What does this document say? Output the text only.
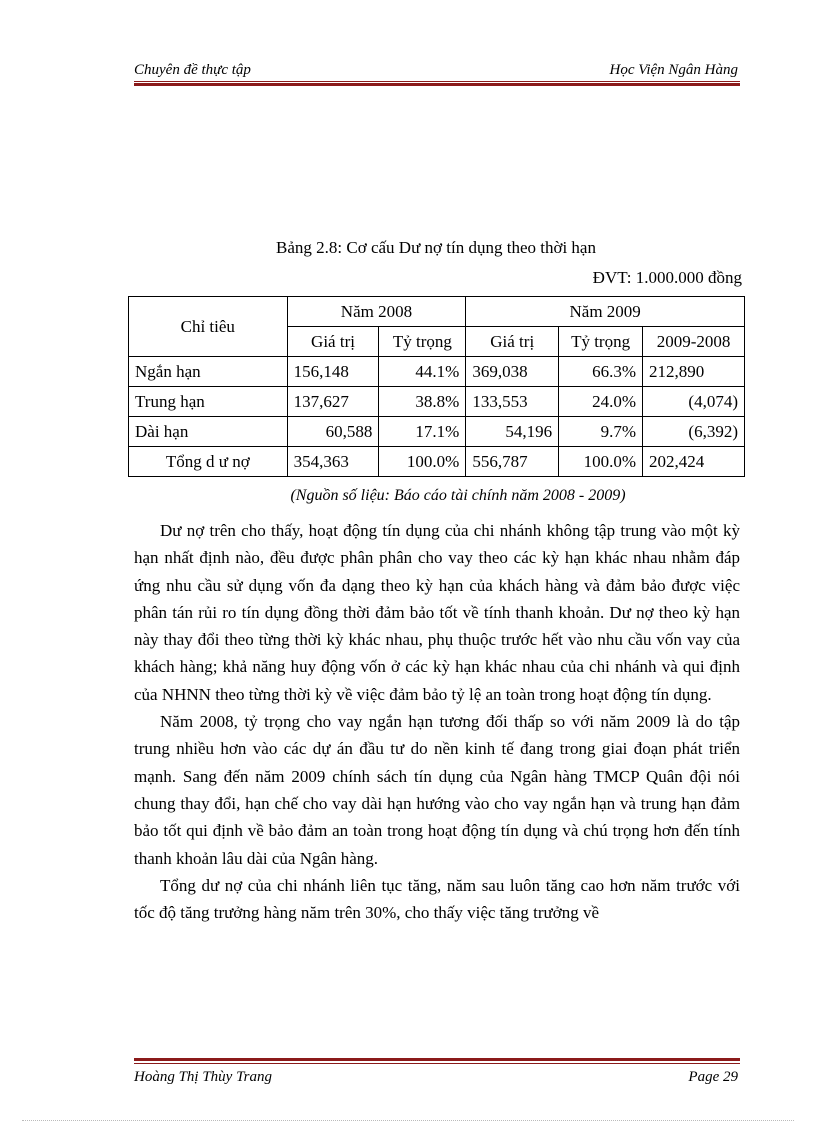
Chuyên đề thực tập	Học Viện Ngân Hàng
Bảng 2.8: Cơ cấu Dư nợ tín dụng theo thời hạn
ĐVT: 1.000.000 đồng
Chỉ tiêu	Năm 2008		Năm 2009		
	Giá trị	Tỷ trọng	Giá trị	Tỷ trọng	2009-2008
Ngắn hạn	156,148	44.1%	369,038	66.3%	212,890
Trung hạn	137,627	38.8%	133,553	24.0%	(4,074)
Dài hạn	60,588	17.1%	54,196	9.7%	(6,392)
Tổng d ư nợ	354,363	100.0%	556,787	100.0%	202,424
(Nguồn số liệu: Báo cáo tài chính năm 2008 - 2009)

Dư nợ trên cho thấy, hoạt động tín dụng của chi nhánh không tập trung vào một kỳ hạn nhất định nào, đều được phân phân cho vay theo các kỳ hạn khác nhau nhằm đáp ứng nhu cầu sử dụng vốn đa dạng theo kỳ hạn của khách hàng và đảm bảo được việc phân tán rủi ro tín dụng đồng thời đảm bảo tốt về tính thanh khoản. Dư nợ theo kỳ hạn này thay đổi theo từng thời kỳ khác nhau, phụ thuộc trước hết vào nhu cầu vốn vay của khách hàng; khả năng huy động vốn ở các kỳ hạn khác nhau của chi nhánh và qui định của NHNN theo từng thời kỳ về việc đảm bảo tỷ lệ an toàn trong hoạt động tín dụng.

Năm 2008, tỷ trọng cho vay ngắn hạn tương đối thấp so với năm 2009 là do tập trung nhiều hơn vào các dự án đầu tư do nền kinh tế đang trong giai đoạn phát triển mạnh. Sang đến năm 2009 chính sách tín dụng của Ngân hàng TMCP Quân đội nói chung thay đổi, hạn chế cho vay dài hạn hướng vào cho vay ngắn hạn và trung hạn đảm bảo tốt qui định về bảo đảm an toàn trong hoạt động tín dụng và chú trọng hơn đến tính thanh khoản lâu dài của Ngân hàng.

Tổng dư nợ của chi nhánh liên tục tăng, năm sau luôn tăng cao hơn năm trước với tốc độ tăng trưởng hàng năm trên 30%, cho thấy việc tăng trưởng về

Hoàng Thị Thùy Trang	Page 29
